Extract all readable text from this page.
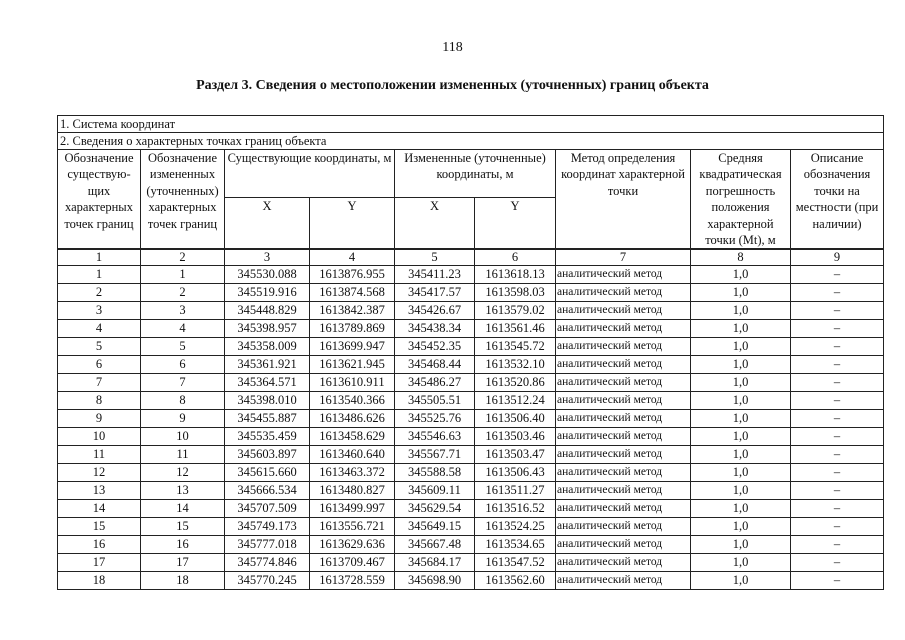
118
Раздел 3. Сведения о местоположении измененных (уточненных) границ объекта
1. Система координат								
2. Сведения о характерных точках границ объекта								
Обозначение существую-щих характерных точек границ	Обозначение измененных (уточненных) характерных точек границ	Существующие координаты, м		Измененные (уточненные) координаты, м		Метод определения координат характерной точки	Средняя квадратическая погрешность положения характерной точки (Mt), м	Описание обозначения точки на местности (при наличии)
		X	Y	X	Y			
1	2	3	4	5	6	7	8	9
1	1	345530.088	1613876.955	345411.23	1613618.13	аналитический метод	1,0	–
2	2	345519.916	1613874.568	345417.57	1613598.03	аналитический метод	1,0	–
3	3	345448.829	1613842.387	345426.67	1613579.02	аналитический метод	1,0	–
4	4	345398.957	1613789.869	345438.34	1613561.46	аналитический метод	1,0	–
5	5	345358.009	1613699.947	345452.35	1613545.72	аналитический метод	1,0	–
6	6	345361.921	1613621.945	345468.44	1613532.10	аналитический метод	1,0	–
7	7	345364.571	1613610.911	345486.27	1613520.86	аналитический метод	1,0	–
8	8	345398.010	1613540.366	345505.51	1613512.24	аналитический метод	1,0	–
9	9	345455.887	1613486.626	345525.76	1613506.40	аналитический метод	1,0	–
10	10	345535.459	1613458.629	345546.63	1613503.46	аналитический метод	1,0	–
11	11	345603.897	1613460.640	345567.71	1613503.47	аналитический метод	1,0	–
12	12	345615.660	1613463.372	345588.58	1613506.43	аналитический метод	1,0	–
13	13	345666.534	1613480.827	345609.11	1613511.27	аналитический метод	1,0	–
14	14	345707.509	1613499.997	345629.54	1613516.52	аналитический метод	1,0	–
15	15	345749.173	1613556.721	345649.15	1613524.25	аналитический метод	1,0	–
16	16	345777.018	1613629.636	345667.48	1613534.65	аналитический метод	1,0	–
17	17	345774.846	1613709.467	345684.17	1613547.52	аналитический метод	1,0	–
18	18	345770.245	1613728.559	345698.90	1613562.60	аналитический метод	1,0	–
